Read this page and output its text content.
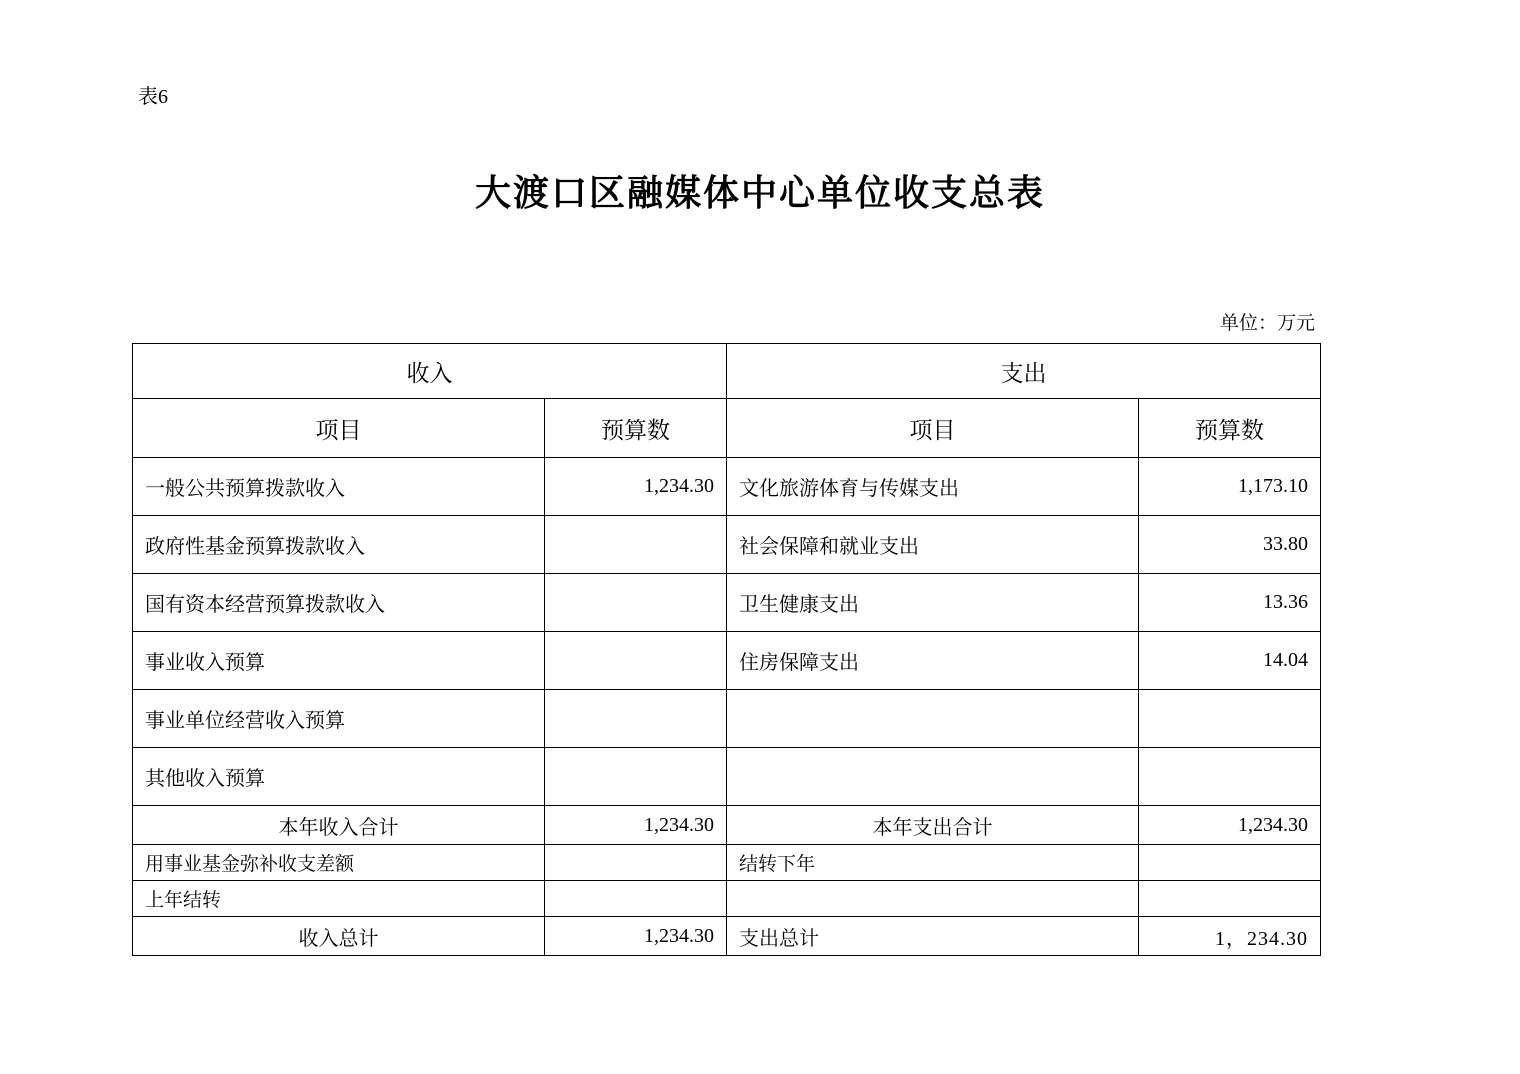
表6
大渡口区融媒体中心单位收支总表
单位：万元
收入		支出	
项目	预算数	项目	预算数
一般公共预算拨款收入	1,234.30	文化旅游体育与传媒支出	1,173.10
政府性基金预算拨款收入		社会保障和就业支出	33.80
国有资本经营预算拨款收入		卫生健康支出	13.36
事业收入预算		住房保障支出	14.04
事业单位经营收入预算			
其他收入预算			
本年收入合计	1,234.30	本年支出合计	1,234.30
用事业基金弥补收支差额		结转下年	
上年结转			
收入总计	1,234.30	支出总计	1，234.30
